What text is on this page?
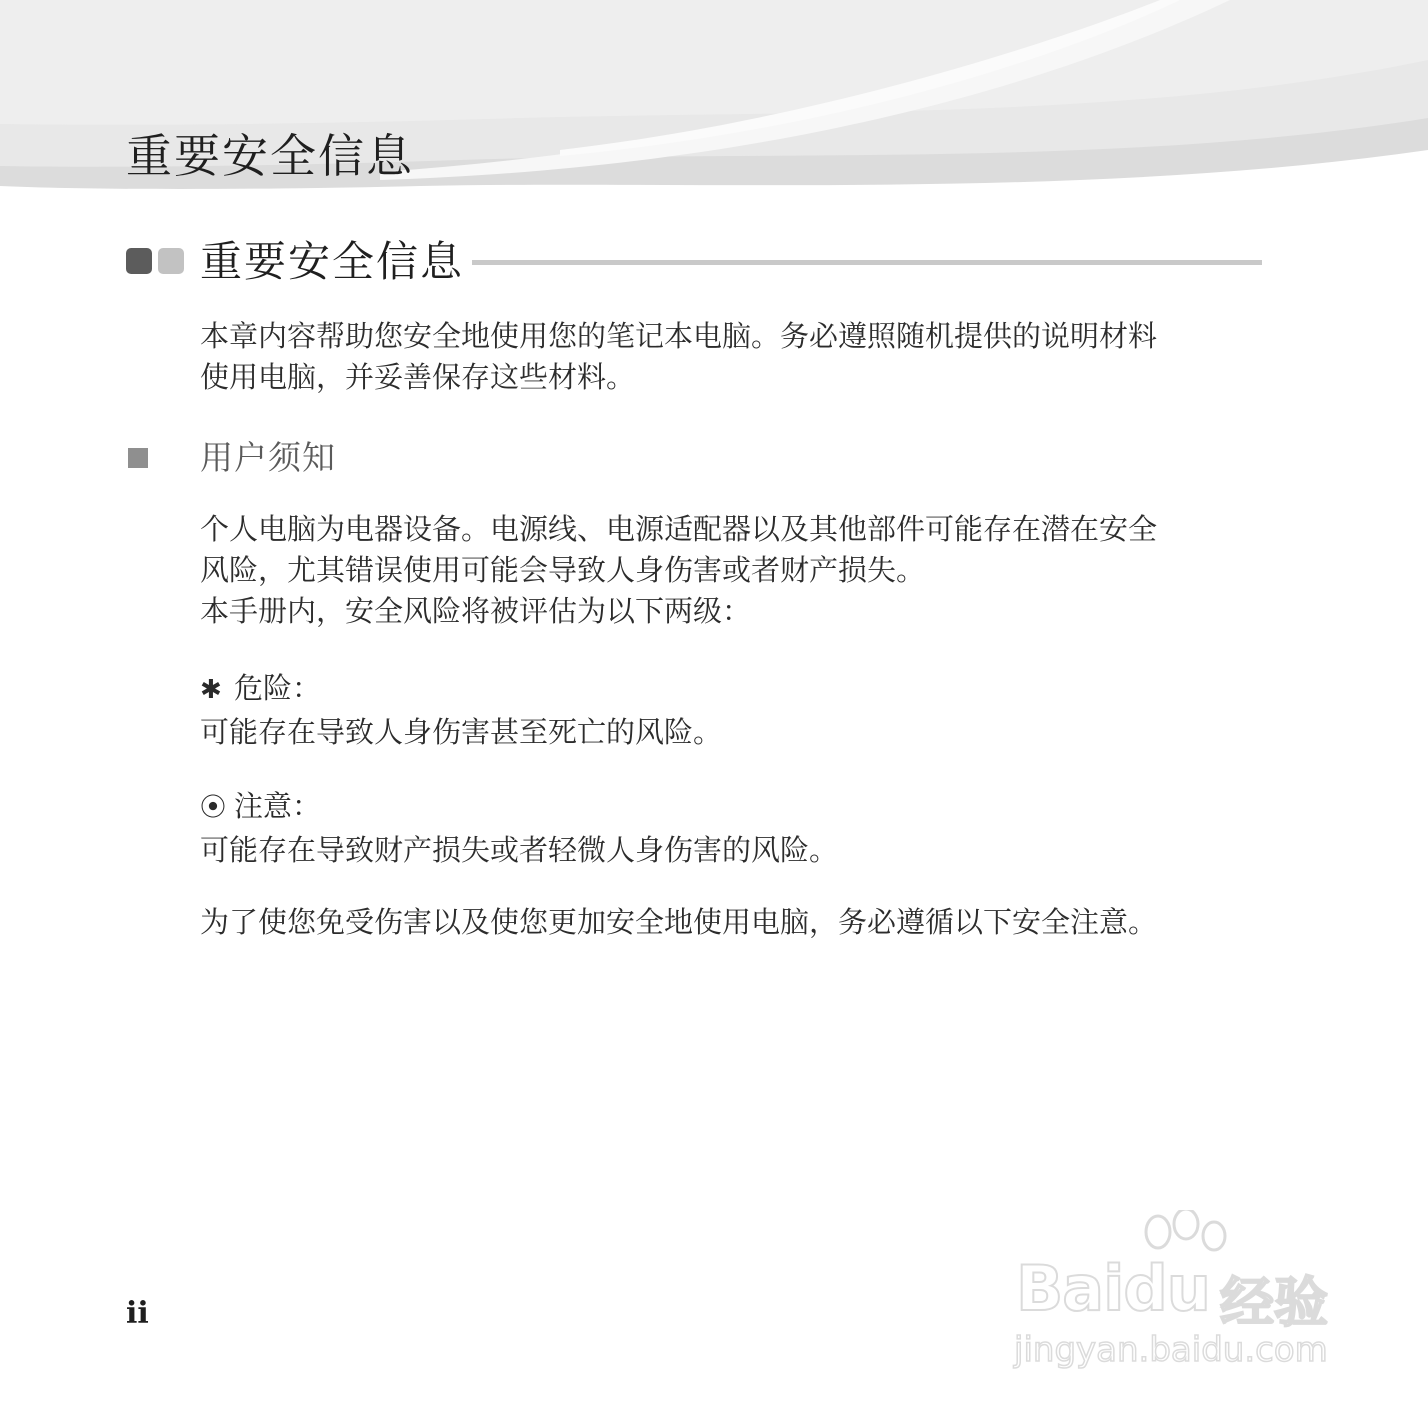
重要安全信息
重要安全信息
本章内容帮助您安全地使用您的笔记本电脑。务必遵照随机提供的说明材料
使用电脑，并妥善保存这些材料。
用户须知
个人电脑为电器设备。电源线、电源适配器以及其他部件可能存在潜在安全
风险，尤其错误使用可能会导致人身伤害或者财产损失。
本手册内，安全风险将被评估为以下两级：
✱ 危险：
可能存在导致人身伤害甚至死亡的风险。
⦿ 注意：
可能存在导致财产损失或者轻微人身伤害的风险。
为了使您免受伤害以及使您更加安全地使用电脑，务必遵循以下安全注意。
ii	Baidu 经验
jingyan.baidu.com
